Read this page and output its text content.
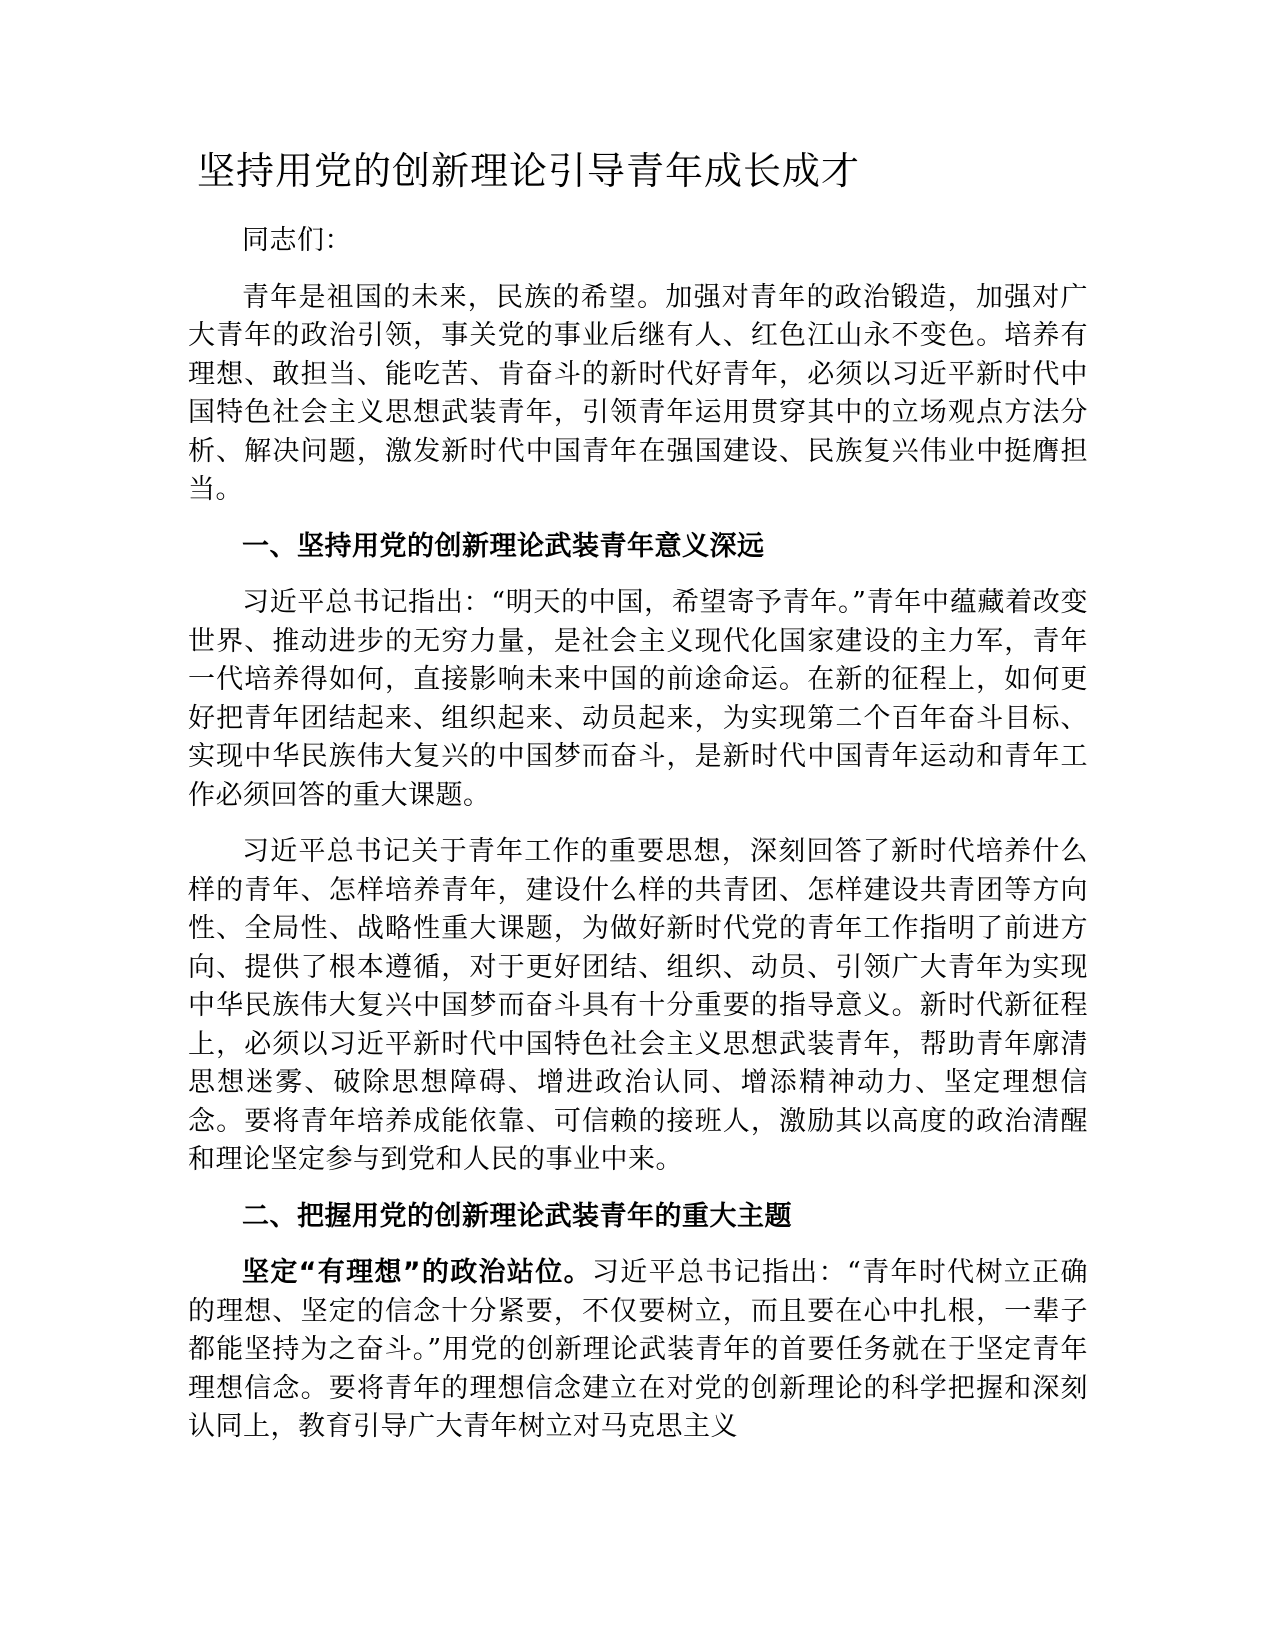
坚持用党的创新理论引导青年成长成才

同志们：

青年是祖国的未来，民族的希望。加强对青年的政治锻造，加强对广大青年的政治引领，事关党的事业后继有人、红色江山永不变色。培养有理想、敢担当、能吃苦、肯奋斗的新时代好青年，必须以习近平新时代中国特色社会主义思想武装青年，引领青年运用贯穿其中的立场观点方法分析、解决问题，激发新时代中国青年在强国建设、民族复兴伟业中挺膺担当。

一、坚持用党的创新理论武装青年意义深远

习近平总书记指出：“明天的中国，希望寄予青年。”青年中蕴藏着改变世界、推动进步的无穷力量，是社会主义现代化国家建设的主力军，青年一代培养得如何，直接影响未来中国的前途命运。在新的征程上，如何更好把青年团结起来、组织起来、动员起来，为实现第二个百年奋斗目标、实现中华民族伟大复兴的中国梦而奋斗，是新时代中国青年运动和青年工作必须回答的重大课题。

习近平总书记关于青年工作的重要思想，深刻回答了新时代培养什么样的青年、怎样培养青年，建设什么样的共青团、怎样建设共青团等方向性、全局性、战略性重大课题，为做好新时代党的青年工作指明了前进方向、提供了根本遵循，对于更好团结、组织、动员、引领广大青年为实现中华民族伟大复兴中国梦而奋斗具有十分重要的指导意义。新时代新征程上，必须以习近平新时代中国特色社会主义思想武装青年，帮助青年廓清思想迷雾、破除思想障碍、增进政治认同、增添精神动力、坚定理想信念。要将青年培养成能依靠、可信赖的接班人，激励其以高度的政治清醒和理论坚定参与到党和人民的事业中来。

二、把握用党的创新理论武装青年的重大主题

坚定“有理想”的政治站位。习近平总书记指出：“青年时代树立正确的理想、坚定的信念十分紧要，不仅要树立，而且要在心中扎根，一辈子都能坚持为之奋斗。”用党的创新理论武装青年的首要任务就在于坚定青年理想信念。要将青年的理想信念建立在对党的创新理论的科学把握和深刻认同上，教育引导广大青年树立对马克思主义
